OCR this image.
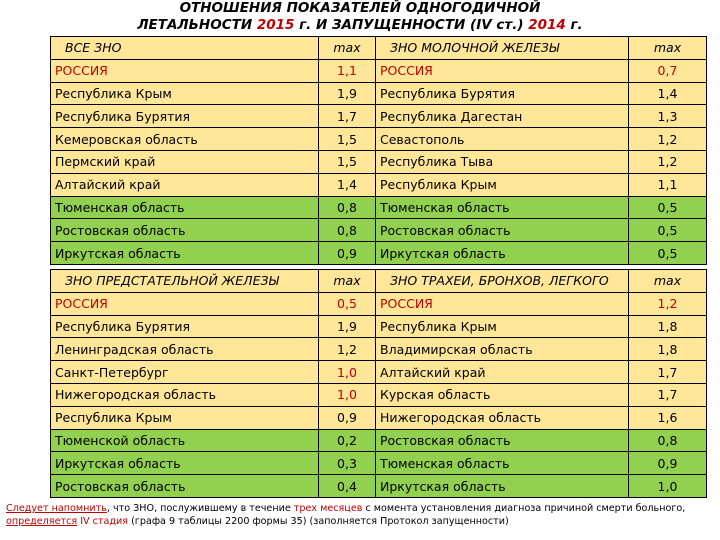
ОТНОШЕНИЯ ПОКАЗАТЕЛЕЙ ОДНОГОДИЧНОЙ
ЛЕТАЛЬНОСТИ 2015 г. И ЗАПУЩЕННОСТИ (IV ст.) 2014 г.
ВСЕ ЗНО	max	ЗНО МОЛОЧНОЙ ЖЕЛЕЗЫ	max
РОССИЯ	1,1	РОССИЯ	0,7
Республика Крым	1,9	Республика Бурятия	1,4
Республика Бурятия	1,7	Республика Дагестан	1,3
Кемеровская область	1,5	Севастополь	1,2
Пермский край	1,5	Республика Тыва	1,2
Алтайский край	1,4	Республика Крым	1,1
Тюменская область	0,8	Тюменская область	0,5
Ростовская область	0,8	Ростовская область	0,5
Иркутская область	0,9	Иркутская область	0,5

ЗНО ПРЕДСТАТЕЛЬНОЙ ЖЕЛЕЗЫ	max	ЗНО ТРАХЕИ, БРОНХОВ, ЛЕГКОГО	max
РОССИЯ	0,5	РОССИЯ	1,2
Республика Бурятия	1,9	Республика Крым	1,8
Ленинградская область	1,2	Владимирская область	1,8
Санкт-Петербург	1,0	Алтайский край	1,7
Нижегородская область	1,0	Курская область	1,7
Республика Крым	0,9	Нижегородская область	1,6
Тюменской область	0,2	Ростовская область	0,8
Иркутская область	0,3	Тюменская область	0,9
Ростовская область	0,4	Иркутская область	1,0
Следует напомнить, что ЗНО, послужившему в течение трех месяцев с момента установления диагноза причиной смерти больного, определяется IV стадия (графа 9 таблицы 2200 формы 35) (заполняется Протокол запущенности)
